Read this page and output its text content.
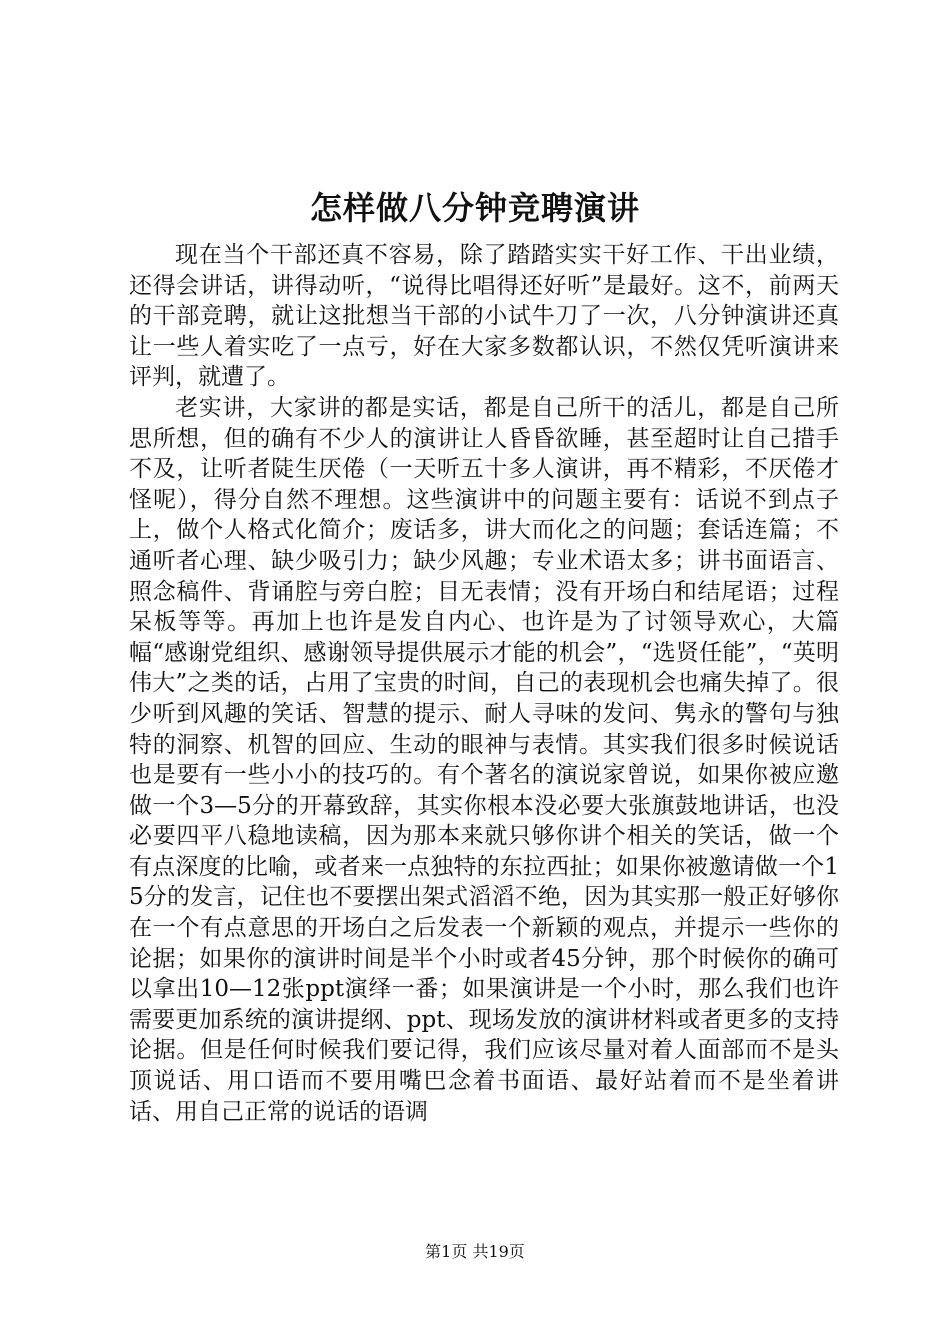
怎样做八分钟竞聘演讲

现在当个干部还真不容易，除了踏踏实实干好工作、干出业绩，还得会讲话，讲得动听，“说得比唱得还好听”是最好。这不，前两天的干部竞聘，就让这批想当干部的小试牛刀了一次，八分钟演讲还真让一些人着实吃了一点亏，好在大家多数都认识，不然仅凭听演讲来评判，就遭了。

老实讲，大家讲的都是实话，都是自己所干的活儿，都是自己所思所想，但的确有不少人的演讲让人昏昏欲睡，甚至超时让自己措手不及，让听者陡生厌倦（一天听五十多人演讲，再不精彩，不厌倦才怪呢），得分自然不理想。这些演讲中的问题主要有：话说不到点子上，做个人格式化简介；废话多，讲大而化之的问题；套话连篇；不通听者心理、缺少吸引力；缺少风趣；专业术语太多；讲书面语言、照念稿件、背诵腔与旁白腔；目无表情；没有开场白和结尾语；过程呆板等等。再加上也许是发自内心、也许是为了讨领导欢心，大篇幅“感谢党组织、感谢领导提供展示才能的机会”，“选贤任能”，“英明伟大”之类的话，占用了宝贵的时间，自己的表现机会也痛失掉了。很少听到风趣的笑话、智慧的提示、耐人寻味的发问、隽永的警句与独特的洞察、机智的回应、生动的眼神与表情。其实我们很多时候说话也是要有一些小小的技巧的。有个著名的演说家曾说，如果你被应邀做一个3—5分的开幕致辞，其实你根本没必要大张旗鼓地讲话，也没必要四平八稳地读稿，因为那本来就只够你讲个相关的笑话，做一个有点深度的比喻，或者来一点独特的东拉西扯；如果你被邀请做一个15分的发言，记住也不要摆出架式滔滔不绝，因为其实那一般正好够你在一个有点意思的开场白之后发表一个新颖的观点，并提示一些你的论据；如果你的演讲时间是半个小时或者45分钟，那个时候你的确可以拿出10—12张ppt演绎一番；如果演讲是一个小时，那么我们也许需要更加系统的演讲提纲、ppt、现场发放的演讲材料或者更多的支持论据。但是任何时候我们要记得，我们应该尽量对着人面部而不是头顶说话、用口语而不要用嘴巴念着书面语、最好站着而不是坐着讲话、用自己正常的说话的语调

第1页 共19页
